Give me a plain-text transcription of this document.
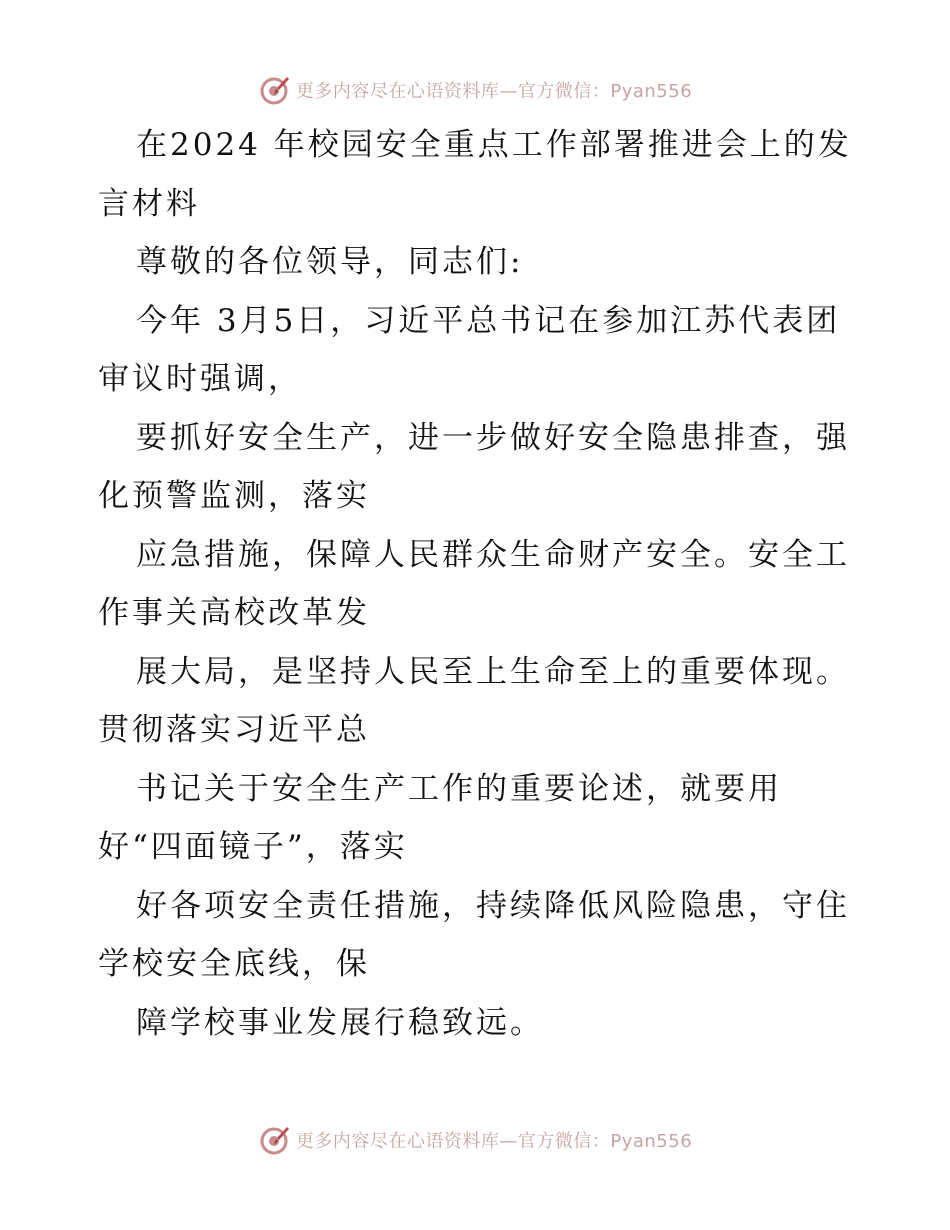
更多内容尽在心语资料库—官方微信：Pyan556
在2024 年校园安全重点工作部署推进会上的发
言材料
尊敬的各位领导，同志们:
今年 3月5日，习近平总书记在参加江苏代表团
审议时强调，
要抓好安全生产，进一步做好安全隐患排查，强
化预警监测，落实
应急措施，保障人民群众生命财产安全。安全工
作事关高校改革发
展大局，是坚持人民至上生命至上的重要体现。
贯彻落实习近平总
书记关于安全生产工作的重要论述，就要用
好“四面镜子”，落实
好各项安全责任措施，持续降低风险隐患，守住
学校安全底线，保
障学校事业发展行稳致远。
更多内容尽在心语资料库—官方微信：Pyan556
